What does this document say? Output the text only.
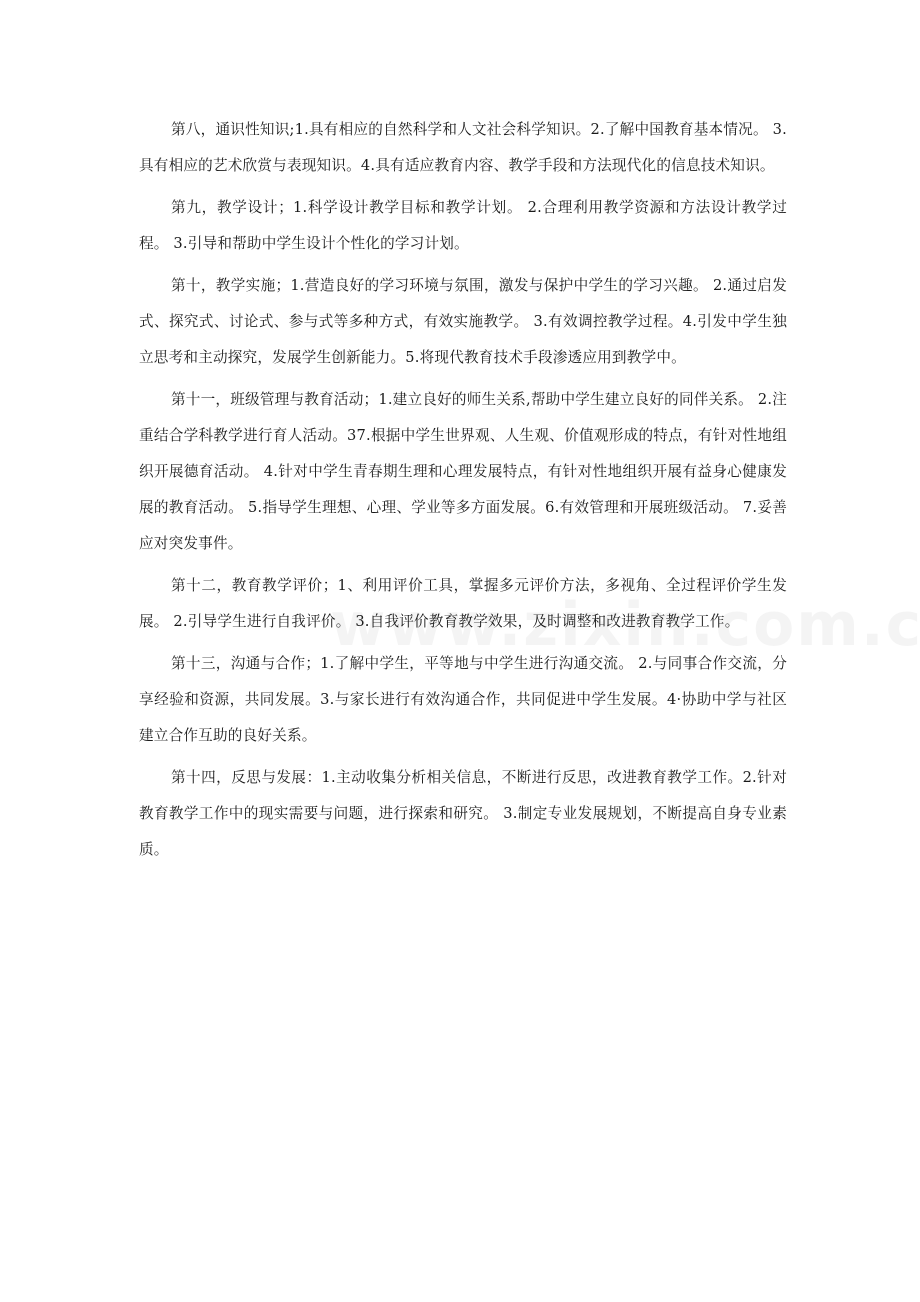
第八，通识性知识;1.具有相应的自然科学和人文社会科学知识。2.了解中国教育基本情况。 3.具有相应的艺术欣赏与表现知识。4.具有适应教育内容、教学手段和方法现代化的信息技术知识。

第九，教学设计；1.科学设计教学目标和教学计划。 2.合理利用教学资源和方法设计教学过程。 3.引导和帮助中学生设计个性化的学习计划。

第十，教学实施；1.营造良好的学习环境与氛围，激发与保护中学生的学习兴趣。 2.通过启发式、探究式、讨论式、参与式等多种方式，有效实施教学。 3.有效调控教学过程。4.引发中学生独立思考和主动探究，发展学生创新能力。5.将现代教育技术手段渗透应用到教学中。

第十一，班级管理与教育活动；1.建立良好的师生关系,帮助中学生建立良好的同伴关系。 2.注重结合学科教学进行育人活动。37.根据中学生世界观、人生观、价值观形成的特点，有针对性地组织开展德育活动。 4.针对中学生青春期生理和心理发展特点，有针对性地组织开展有益身心健康发展的教育活动。 5.指导学生理想、心理、学业等多方面发展。6.有效管理和开展班级活动。 7.妥善应对突发事件。

第十二，教育教学评价；1、利用评价工具，掌握多元评价方法，多视角、全过程评价学生发展。 2.引导学生进行自我评价。 3.自我评价教育教学效果，及时调整和改进教育教学工作。

第十三，沟通与合作；1.了解中学生，平等地与中学生进行沟通交流。 2.与同事合作交流，分享经验和资源，共同发展。3.与家长进行有效沟通合作，共同促进中学生发展。4·协助中学与社区建立合作互助的良好关系。

第十四，反思与发展：1.主动收集分析相关信息，不断进行反思，改进教育教学工作。2.针对教育教学工作中的现实需要与问题，进行探索和研究。 3.制定专业发展规划，不断提高自身专业素质。
